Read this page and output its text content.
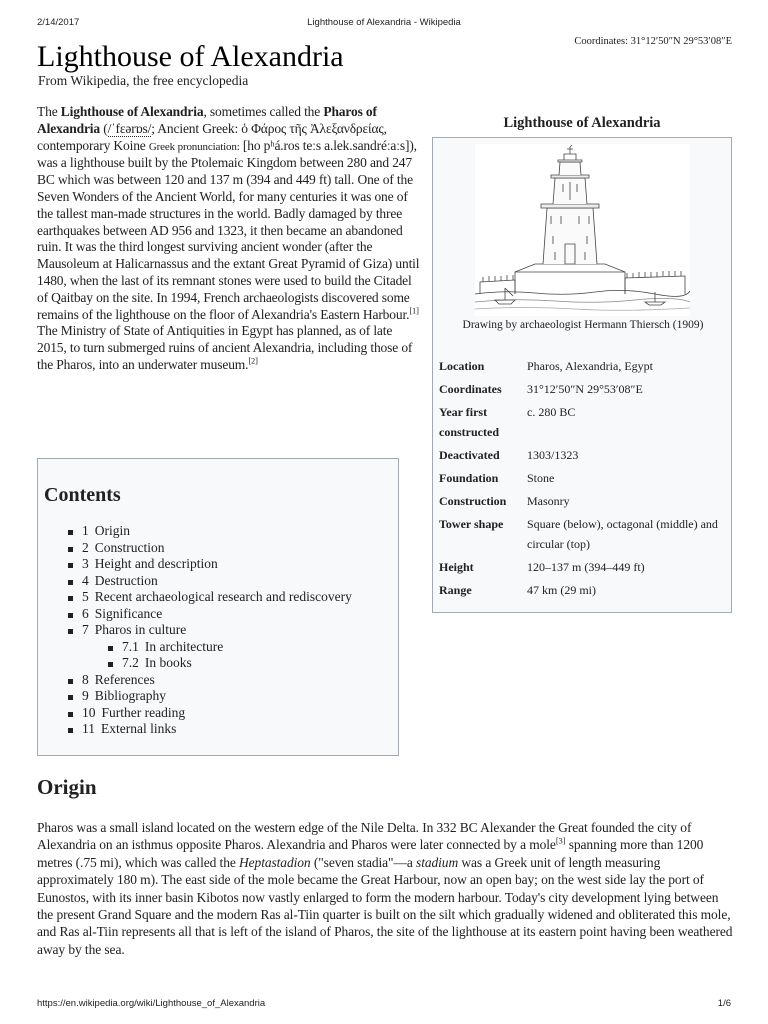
2/14/2017	Lighthouse of Alexandria - Wikipedia
Coordinates: 31°12′50″N 29°53′08″E
Lighthouse of Alexandria
From Wikipedia, the free encyclopedia
The Lighthouse of Alexandria, sometimes called the Pharos of Alexandria (/ˈfɛərɒs/; Ancient Greek: ὁ Φάρος τῆς Ἀλεξανδρείας, contemporary Koine Greek pronunciation: [ho pʰá.ros teːs a.lek.sandréːaːs]), was a lighthouse built by the Ptolemaic Kingdom between 280 and 247 BC which was between 120 and 137 m (394 and 449 ft) tall. One of the Seven Wonders of the Ancient World, for many centuries it was one of the tallest man-made structures in the world. Badly damaged by three earthquakes between AD 956 and 1323, it then became an abandoned ruin. It was the third longest surviving ancient wonder (after the Mausoleum at Halicarnassus and the extant Great Pyramid of Giza) until 1480, when the last of its remnant stones were used to build the Citadel of Qaitbay on the site. In 1994, French archaeologists discovered some remains of the lighthouse on the floor of Alexandria's Eastern Harbour.[1] The Ministry of State of Antiquities in Egypt has planned, as of late 2015, to turn submerged ruins of ancient Alexandria, including those of the Pharos, into an underwater museum.[2]
Lighthouse of Alexandria
Drawing by archaeologist Hermann Thiersch (1909)
Location	Pharos, Alexandria, Egypt
Coordinates	31°12′50″N 29°53′08″E
Year first constructed	c. 280 BC
Deactivated	1303/1323
Foundation	Stone
Construction	Masonry
Tower shape	Square (below), octagonal (middle) and circular (top)
Height	120–137 m (394–449 ft)
Range	47 km (29 mi)
Contents
1 Origin
2 Construction
3 Height and description
4 Destruction
5 Recent archaeological research and rediscovery
6 Significance
7 Pharos in culture
7.1 In architecture
7.2 In books
8 References
9 Bibliography
10 Further reading
11 External links
Origin
Pharos was a small island located on the western edge of the Nile Delta. In 332 BC Alexander the Great founded the city of Alexandria on an isthmus opposite Pharos. Alexandria and Pharos were later connected by a mole[3] spanning more than 1200 metres (.75 mi), which was called the Heptastadion ("seven stadia"—a stadium was a Greek unit of length measuring approximately 180 m). The east side of the mole became the Great Harbour, now an open bay; on the west side lay the port of Eunostos, with its inner basin Kibotos now vastly enlarged to form the modern harbour. Today's city development lying between the present Grand Square and the modern Ras al-Tiin quarter is built on the silt which gradually widened and obliterated this mole, and Ras al-Tiin represents all that is left of the island of Pharos, the site of the lighthouse at its eastern point having been weathered away by the sea.
https://en.wikipedia.org/wiki/Lighthouse_of_Alexandria	1/6
